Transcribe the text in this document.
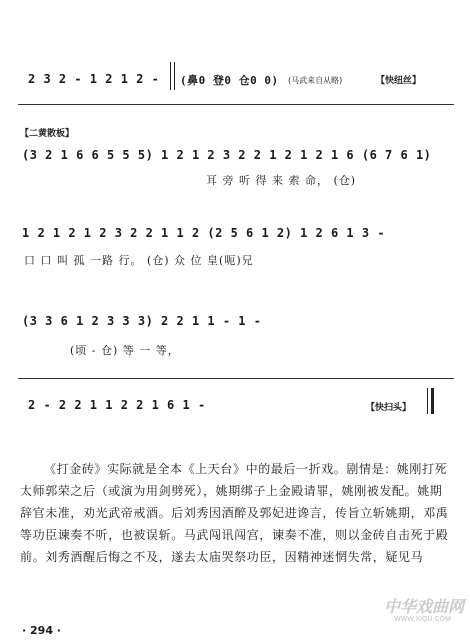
2 3 2 - 1 2 1 2 - (鼻0 登0 仓0 0) (马武来自从略)	【快纽丝】
【二黄散板】
(3 2 1 6 6 5 5 5) 1 2 1 2 3 2 2 1 2 1 2 1 6 (6 7 6 1)
耳 旁 听 得 来 索 命， (仓)
1 2 1 2 1 2 3 2 2 1 1 2 (2 5 6 1 2) 1 2 6 1 3 -
口 口 叫 孤 一路 行。 (仓) 众 位 皇(呃)兄
(3 3 6 1 2 3 3 3) 2 2 1 1 - 1 -
(顷 - 仓) 等 一 等，
2 - 2 2 1 1 2 2 1 6 1 -	【快扫头】

《打金砖》实际就是全本《上天台》中的最后一折戏。剧情是：姚刚打死太师郭荣之后（或演为用剑劈死），姚期绑子上金殿请罪，姚刚被发配。姚期辞官未准，劝光武帝戒酒。后刘秀因酒醉及郭妃进谗言，传旨立斩姚期，邓禹等功臣谏奏不听，也被误斩。马武闯讯闯宫，谏奏不准，则以金砖自击死于殿前。刘秀酒醒后悔之不及，遂去太庙哭祭功臣，因精神迷惘失常，疑见马

· 294 ·
中华戏曲网
WWW.XIQU.COM
